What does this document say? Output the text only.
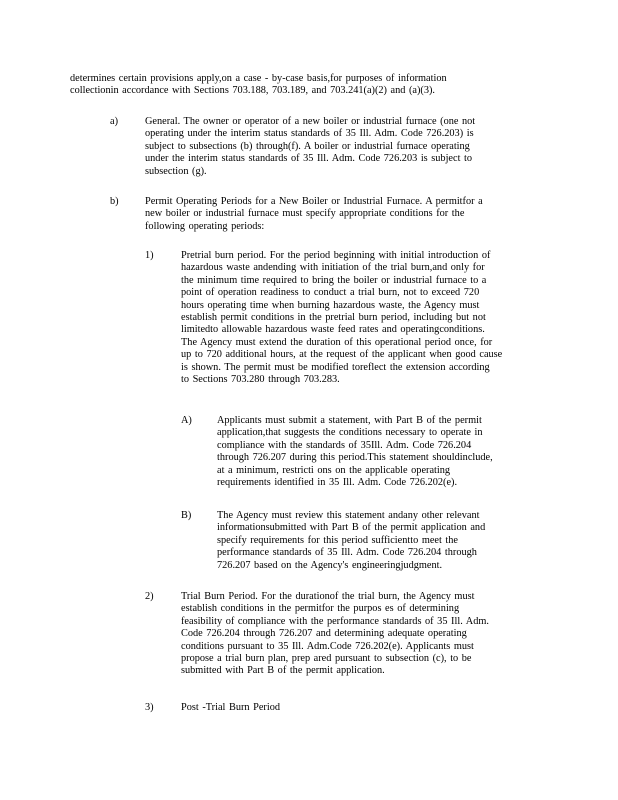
determines certain provisions apply,on a case - by-case basis,for purposes of information
collectionin accordance with Sections 703.188, 703.189, and 703.241(a)(2) and (a)(3).
a)	General. The owner or operator of a new boiler or industrial furnace (one not
operating under the interim status standards of 35 Ill. Adm. Code 726.203) is
subject to subsections (b) through(f). A boiler or industrial furnace operating
under the interim status standards of 35 Ill. Adm. Code 726.203 is subject to
subsection (g).
b)	Permit Operating Periods for a New Boiler or Industrial Furnace. A permitfor a
new boiler or industrial furnace must specify appropriate conditions for the
following operating periods:
1)	Pretrial burn period. For the period beginning with initial introduction of
hazardous waste andending with initiation of the trial burn,and only for
the minimum time required to bring the boiler or industrial furnace to a
point of operation readiness to conduct a trial burn, not to exceed 720
hours operating time when burning hazardous waste, the Agency must
establish permit conditions in the pretrial burn period, including but not
limitedto allowable hazardous waste feed rates and operatingconditions.
The Agency must extend the duration of this operational period once, for
up to 720 additional hours, at the request of the applicant when good cause
is shown. The permit must be modified toreflect the extension according
to Sections 703.280 through 703.283.
A) Applicants must submit a statement, with Part B of the permit
application,that suggests the conditions necessary to operate in
compliance with the standards of 35Ill. Adm. Code 726.204
through 726.207 during this period.This statement shouldinclude,
at a minimum, restricti ons on the applicable operating
requirements identified in 35 Ill. Adm. Code 726.202(e).
B) The Agency must review this statement andany other relevant
informationsubmitted with Part B of the permit application and
specify requirements for this period sufficientto meet the
performance standards of 35 Ill. Adm. Code 726.204 through
726.207 based on the Agency's engineeringjudgment.
2)	Trial Burn Period. For the durationof the trial burn, the Agency must
establish conditions in the permitfor the purpos es of determining
feasibility of compliance with the performance standards of 35 Ill. Adm.
Code 726.204 through 726.207 and determining adequate operating
conditions pursuant to 35 Ill. Adm.Code 726.202(e). Applicants must
propose a trial burn plan, prep ared pursuant to subsection (c), to be
submitted with Part B of the permit application.
3)	Post -Trial Burn Period
